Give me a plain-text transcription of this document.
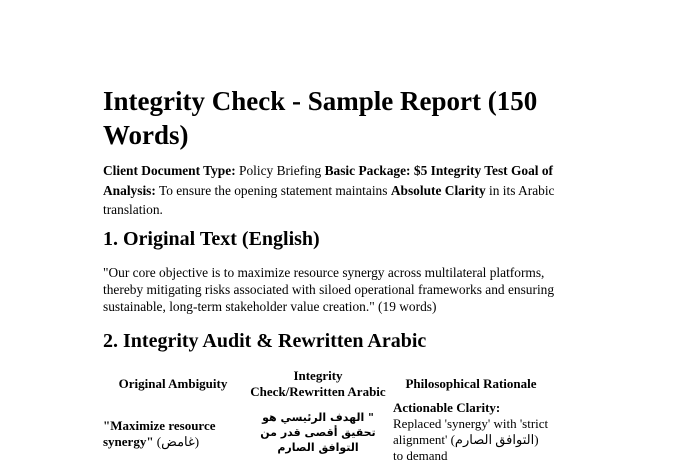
Integrity Check - Sample Report (150 Words)

Client Document Type: Policy Briefing Basic Package: $5 Integrity Test Goal of Analysis: To ensure the opening statement maintains Absolute Clarity in its Arabic translation.

1. Original Text (English)

"Our core objective is to maximize resource synergy across multilateral platforms, thereby mitigating risks associated with siloed operational frameworks and ensuring sustainable, long-term stakeholder value creation." (19 words)

2. Integrity Audit & Rewritten Arabic
Original Ambiguity	Integrity Check/Rewritten Arabic	Philosophical Rationale
"Maximize resource synergy" (غامض)	" الهدف الرئيسي هو تحقيق أقصى قدر من التوافق الصارم	Actionable Clarity: Replaced 'synergy' with 'strict alignment' (التوافق الصارم) to demand
